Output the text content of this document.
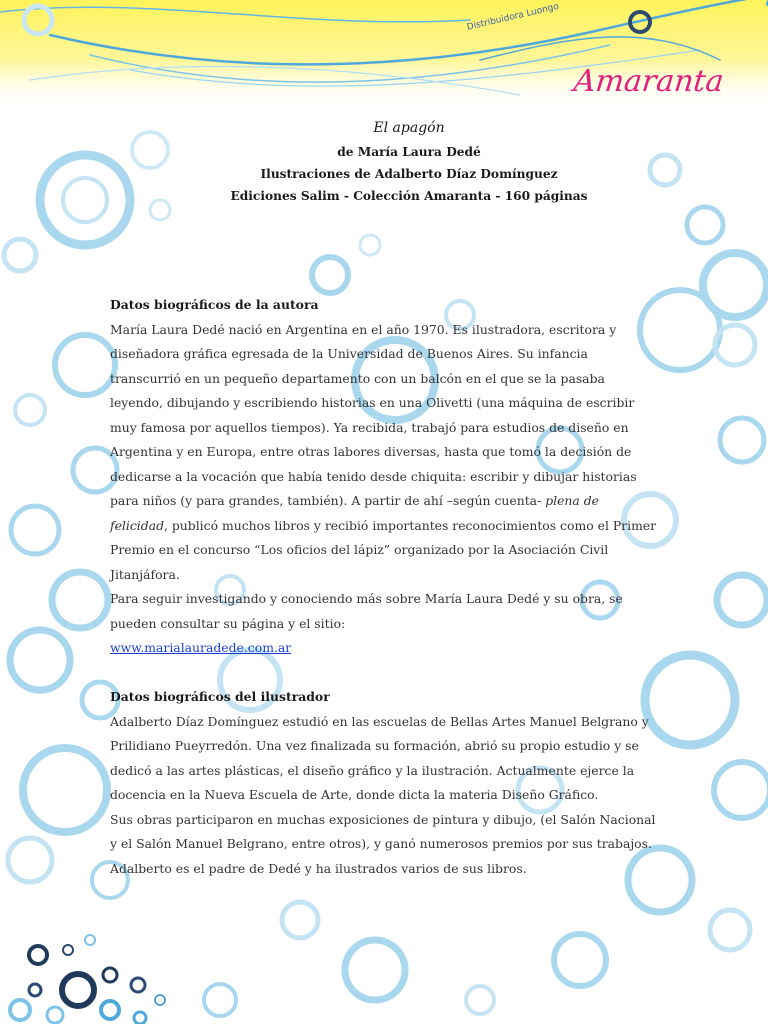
Distribuidora Luongo
Amaranta

El apagón

de María Laura Dedé

Ilustraciones de Adalberto Díaz Domínguez

Ediciones Salim - Colección Amaranta - 160 páginas

Datos biográficos de la autora

María Laura Dedé nació en Argentina en el año 1970. Es ilustradora, escritora y diseñadora gráfica egresada de la Universidad de Buenos Aires. Su infancia transcurrió en un pequeño departamento con un balcón en el que se la pasaba leyendo, dibujando y escribiendo historias en una Olivetti (una máquina de escribir muy famosa por aquellos tiempos). Ya recibida, trabajó para estudios de diseño en Argentina y en Europa, entre otras labores diversas, hasta que tomó la decisión de dedicarse a la vocación que había tenido desde chiquita: escribir y dibujar historias para niños (y para grandes, también). A partir de ahí –según cuenta- plena de felicidad, publicó muchos libros y recibió importantes reconocimientos como el Primer Premio en el concurso “Los oficios del lápiz” organizado por la Asociación Civil Jitanjáfora.

Para seguir investigando y conociendo más sobre María Laura Dedé y su obra, se pueden consultar su página y el sitio:

www.marialauradede.com.ar

Datos biográficos del ilustrador

Adalberto Díaz Domínguez estudió en las escuelas de Bellas Artes Manuel Belgrano y Prilidiano Pueyrredón. Una vez finalizada su formación, abrió su propio estudio y se dedicó a las artes plásticas, el diseño gráfico y la ilustración. Actualmente ejerce la docencia en la Nueva Escuela de Arte, donde dicta la materia Diseño Gráfico.

Sus obras participaron en muchas exposiciones de pintura y dibujo, (el Salón Nacional y el Salón Manuel Belgrano, entre otros), y ganó numerosos premios por sus trabajos.

Adalberto es el padre de Dedé y ha ilustrados varios de sus libros.
